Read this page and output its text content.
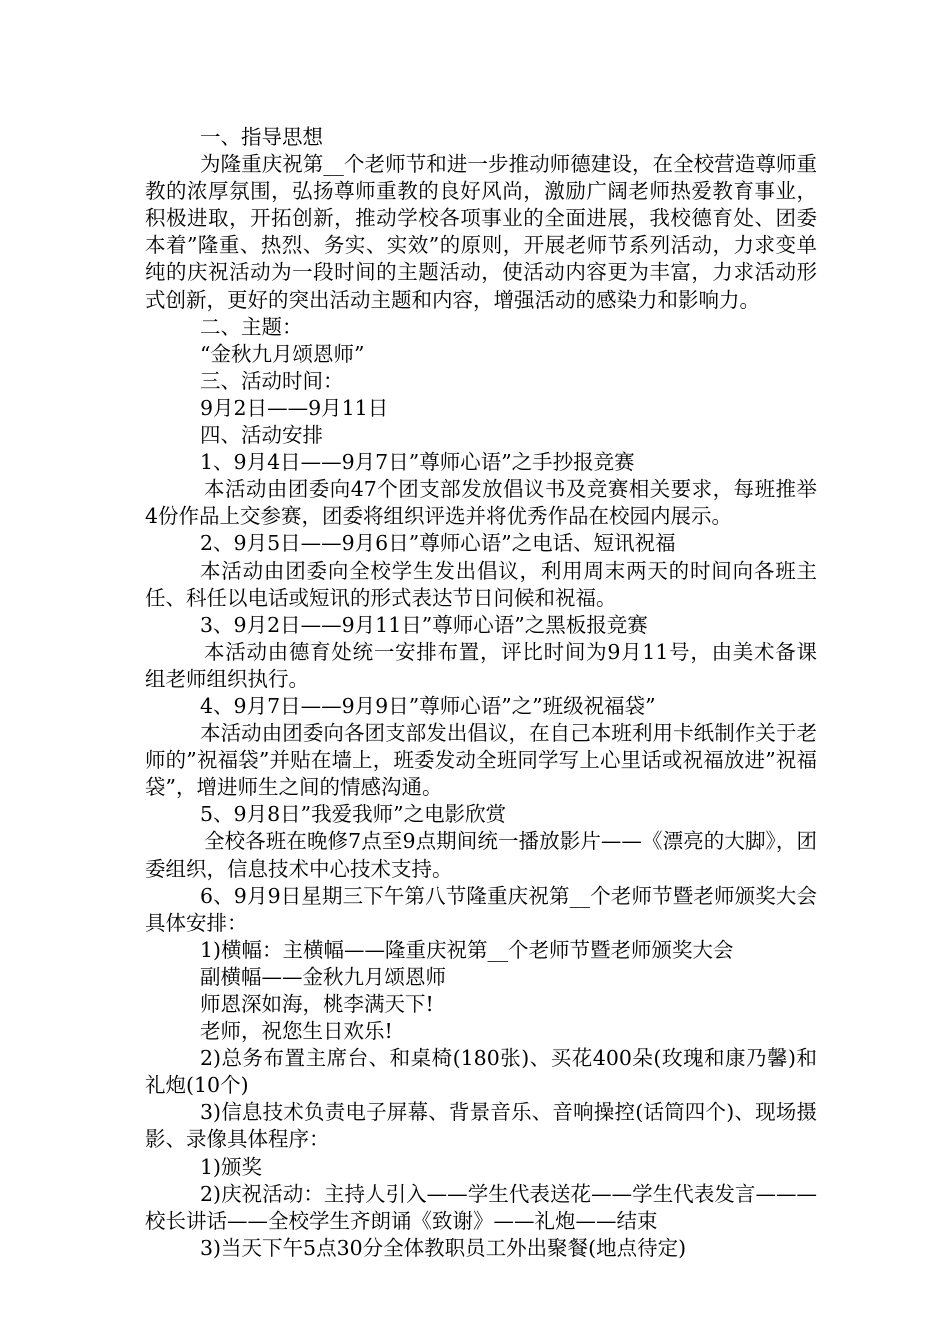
一、指导思想

为隆重庆祝第__个老师节和进一步推动师德建设，在全校营造尊师重教的浓厚氛围，弘扬尊师重教的良好风尚，激励广阔老师热爱教育事业，积极进取，开拓创新，推动学校各项事业的全面进展，我校德育处、团委本着”隆重、热烈、务实、实效”的原则，开展老师节系列活动，力求变单纯的庆祝活动为一段时间的主题活动，使活动内容更为丰富，力求活动形式创新，更好的突出活动主题和内容，增强活动的感染力和影响力。

二、主题：

“金秋九月颂恩师”

三、活动时间：

9月2日——9月11日

四、活动安排

1、9月4日——9月7日”尊师心语”之手抄报竞赛

本活动由团委向47个团支部发放倡议书及竞赛相关要求，每班推举4份作品上交参赛，团委将组织评选并将优秀作品在校园内展示。

2、9月5日——9月6日”尊师心语”之电话、短讯祝福

本活动由团委向全校学生发出倡议，利用周末两天的时间向各班主任、科任以电话或短讯的形式表达节日问候和祝福。

3、9月2日——9月11日”尊师心语”之黑板报竞赛

本活动由德育处统一安排布置，评比时间为9月11号，由美术备课组老师组织执行。

4、9月7日——9月9日”尊师心语”之”班级祝福袋”

本活动由团委向各团支部发出倡议，在自己本班利用卡纸制作关于老师的”祝福袋”并贴在墙上，班委发动全班同学写上心里话或祝福放进”祝福袋”，增进师生之间的情感沟通。

5、9月8日”我爱我师”之电影欣赏

全校各班在晚修7点至9点期间统一播放影片——《漂亮的大脚》，团委组织，信息技术中心技术支持。

6、9月9日星期三下午第八节隆重庆祝第__个老师节暨老师颁奖大会具体安排：

1)横幅：主横幅——隆重庆祝第__个老师节暨老师颁奖大会

副横幅——金秋九月颂恩师

师恩深如海，桃李满天下!

老师，祝您生日欢乐!

2)总务布置主席台、和桌椅(180张)、买花400朵(玫瑰和康乃馨)和礼炮(10个)

3)信息技术负责电子屏幕、背景音乐、音响操控(话筒四个)、现场摄影、录像具体程序：

1)颁奖

2)庆祝活动：主持人引入——学生代表送花——学生代表发言———校长讲话——全校学生齐朗诵《致谢》——礼炮——结束

3)当天下午5点30分全体教职员工外出聚餐(地点待定)
